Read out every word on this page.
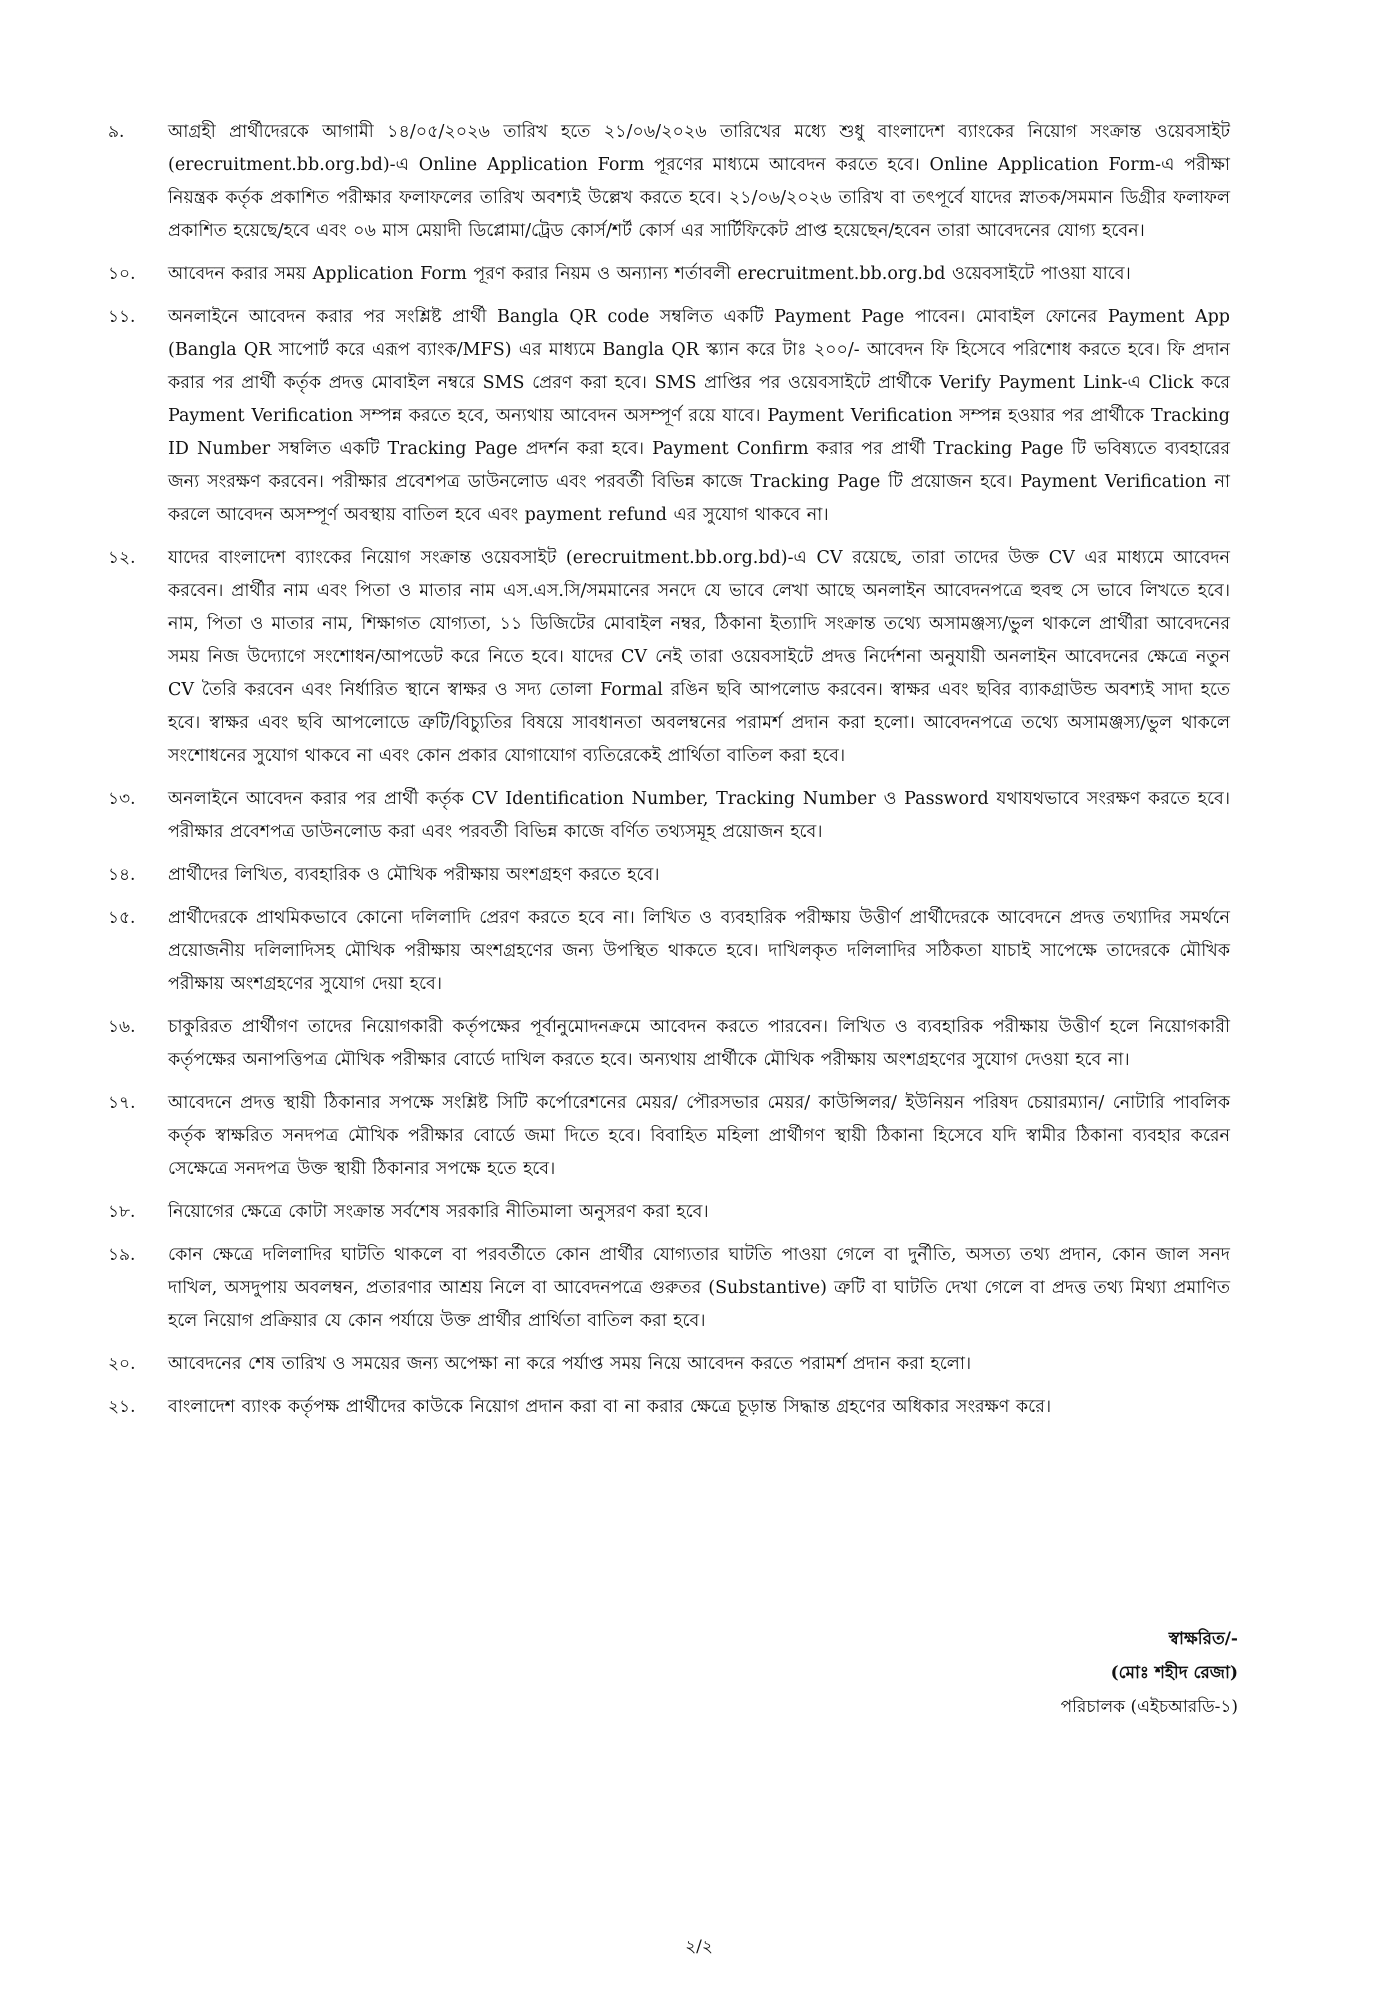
৯.	আগ্রহী প্রার্থীদেরকে আগামী ১৪/০৫/২০২৬ তারিখ হতে ২১/০৬/২০২৬ তারিখের মধ্যে শুধু বাংলাদেশ ব্যাংকের নিয়োগ সংক্রান্ত ওয়েবসাইট (erecruitment.bb.org.bd)-এ Online Application Form পূরণের মাধ্যমে আবেদন করতে হবে। Online Application Form-এ পরীক্ষা নিয়ন্ত্রক কর্তৃক প্রকাশিত পরীক্ষার ফলাফলের তারিখ অবশ্যই উল্লেখ করতে হবে। ২১/০৬/২০২৬ তারিখ বা তৎপূর্বে যাদের স্নাতক/সমমান ডিগ্রীর ফলাফল প্রকাশিত হয়েছে/হবে এবং ০৬ মাস মেয়াদী ডিপ্লোমা/ট্রেড কোর্স/শর্ট কোর্স এর সার্টিফিকেট প্রাপ্ত হয়েছেন/হবেন তারা আবেদনের যোগ্য হবেন।
১০.	আবেদন করার সময় Application Form পূরণ করার নিয়ম ও অন্যান্য শর্তাবলী erecruitment.bb.org.bd ওয়েবসাইটে পাওয়া যাবে।
১১.	অনলাইনে আবেদন করার পর সংশ্লিষ্ট প্রার্থী Bangla QR code সম্বলিত একটি Payment Page পাবেন। মোবাইল ফোনের Payment App (Bangla QR সাপোর্ট করে এরূপ ব্যাংক/MFS) এর মাধ্যমে Bangla QR স্ক্যান করে টাঃ ২০০/- আবেদন ফি হিসেবে পরিশোধ করতে হবে। ফি প্রদান করার পর প্রার্থী কর্তৃক প্রদত্ত মোবাইল নম্বরে SMS প্রেরণ করা হবে। SMS প্রাপ্তির পর ওয়েবসাইটে প্রার্থীকে Verify Payment Link-এ Click করে Payment Verification সম্পন্ন করতে হবে, অন্যথায় আবেদন অসম্পূর্ণ রয়ে যাবে। Payment Verification সম্পন্ন হওয়ার পর প্রার্থীকে Tracking ID Number সম্বলিত একটি Tracking Page প্রদর্শন করা হবে। Payment Confirm করার পর প্রার্থী Tracking Page টি ভবিষ্যতে ব্যবহারের জন্য সংরক্ষণ করবেন। পরীক্ষার প্রবেশপত্র ডাউনলোড এবং পরবর্তী বিভিন্ন কাজে Tracking Page টি প্রয়োজন হবে। Payment Verification না করলে আবেদন অসম্পূর্ণ অবস্থায় বাতিল হবে এবং payment refund এর সুযোগ থাকবে না।
১২.	যাদের বাংলাদেশ ব্যাংকের নিয়োগ সংক্রান্ত ওয়েবসাইট (erecruitment.bb.org.bd)-এ CV রয়েছে, তারা তাদের উক্ত CV এর মাধ্যমে আবেদন করবেন। প্রার্থীর নাম এবং পিতা ও মাতার নাম এস.এস.সি/সমমানের সনদে যে ভাবে লেখা আছে অনলাইন আবেদনপত্রে হুবহু সে ভাবে লিখতে হবে। নাম, পিতা ও মাতার নাম, শিক্ষাগত যোগ্যতা, ১১ ডিজিটের মোবাইল নম্বর, ঠিকানা ইত্যাদি সংক্রান্ত তথ্যে অসামঞ্জস্য/ভুল থাকলে প্রার্থীরা আবেদনের সময় নিজ উদ্যোগে সংশোধন/আপডেট করে নিতে হবে। যাদের CV নেই তারা ওয়েবসাইটে প্রদত্ত নির্দেশনা অনুযায়ী অনলাইন আবেদনের ক্ষেত্রে নতুন CV তৈরি করবেন এবং নির্ধারিত স্থানে স্বাক্ষর ও সদ্য তোলা Formal রঙিন ছবি আপলোড করবেন। স্বাক্ষর এবং ছবির ব্যাকগ্রাউন্ড অবশ্যই সাদা হতে হবে। স্বাক্ষর এবং ছবি আপলোডে ত্রুটি/বিচ্যুতির বিষয়ে সাবধানতা অবলম্বনের পরামর্শ প্রদান করা হলো। আবেদনপত্রে তথ্যে অসামঞ্জস্য/ভুল থাকলে সংশোধনের সুযোগ থাকবে না এবং কোন প্রকার যোগাযোগ ব্যতিরেকেই প্রার্থিতা বাতিল করা হবে।
১৩.	অনলাইনে আবেদন করার পর প্রার্থী কর্তৃক CV Identification Number, Tracking Number ও Password যথাযথভাবে সংরক্ষণ করতে হবে। পরীক্ষার প্রবেশপত্র ডাউনলোড করা এবং পরবর্তী বিভিন্ন কাজে বর্ণিত তথ্যসমূহ প্রয়োজন হবে।
১৪.	প্রার্থীদের লিখিত, ব্যবহারিক ও মৌখিক পরীক্ষায় অংশগ্রহণ করতে হবে।
১৫.	প্রার্থীদেরকে প্রাথমিকভাবে কোনো দলিলাদি প্রেরণ করতে হবে না। লিখিত ও ব্যবহারিক পরীক্ষায় উত্তীর্ণ প্রার্থীদেরকে আবেদনে প্রদত্ত তথ্যাদির সমর্থনে প্রয়োজনীয় দলিলাদিসহ মৌখিক পরীক্ষায় অংশগ্রহণের জন্য উপস্থিত থাকতে হবে। দাখিলকৃত দলিলাদির সঠিকতা যাচাই সাপেক্ষে তাদেরকে মৌখিক পরীক্ষায় অংশগ্রহণের সুযোগ দেয়া হবে।
১৬.	চাকুরিরত প্রার্থীগণ তাদের নিয়োগকারী কর্তৃপক্ষের পূর্বানুমোদনক্রমে আবেদন করতে পারবেন। লিখিত ও ব্যবহারিক পরীক্ষায় উত্তীর্ণ হলে নিয়োগকারী কর্তৃপক্ষের অনাপত্তিপত্র মৌখিক পরীক্ষার বোর্ডে দাখিল করতে হবে। অন্যথায় প্রার্থীকে মৌখিক পরীক্ষায় অংশগ্রহণের সুযোগ দেওয়া হবে না।
১৭.	আবেদনে প্রদত্ত স্থায়ী ঠিকানার সপক্ষে সংশ্লিষ্ট সিটি কর্পোরেশনের মেয়র/ পৌরসভার মেয়র/ কাউন্সিলর/ ইউনিয়ন পরিষদ চেয়ারম্যান/ নোটারি পাবলিক কর্তৃক স্বাক্ষরিত সনদপত্র মৌখিক পরীক্ষার বোর্ডে জমা দিতে হবে। বিবাহিত মহিলা প্রার্থীগণ স্থায়ী ঠিকানা হিসেবে যদি স্বামীর ঠিকানা ব্যবহার করেন সেক্ষেত্রে সনদপত্র উক্ত স্থায়ী ঠিকানার সপক্ষে হতে হবে।
১৮.	নিয়োগের ক্ষেত্রে কোটা সংক্রান্ত সর্বশেষ সরকারি নীতিমালা অনুসরণ করা হবে।
১৯.	কোন ক্ষেত্রে দলিলাদির ঘাটতি থাকলে বা পরবর্তীতে কোন প্রার্থীর যোগ্যতার ঘাটতি পাওয়া গেলে বা দুর্নীতি, অসত্য তথ্য প্রদান, কোন জাল সনদ দাখিল, অসদুপায় অবলম্বন, প্রতারণার আশ্রয় নিলে বা আবেদনপত্রে গুরুতর (Substantive) ত্রুটি বা ঘাটতি দেখা গেলে বা প্রদত্ত তথ্য মিথ্যা প্রমাণিত হলে নিয়োগ প্রক্রিয়ার যে কোন পর্যায়ে উক্ত প্রার্থীর প্রার্থিতা বাতিল করা হবে।
২০.	আবেদনের শেষ তারিখ ও সময়ের জন্য অপেক্ষা না করে পর্যাপ্ত সময় নিয়ে আবেদন করতে পরামর্শ প্রদান করা হলো।
২১.	বাংলাদেশ ব্যাংক কর্তৃপক্ষ প্রার্থীদের কাউকে নিয়োগ প্রদান করা বা না করার ক্ষেত্রে চূড়ান্ত সিদ্ধান্ত গ্রহণের অধিকার সংরক্ষণ করে।
স্বাক্ষরিত/-
(মোঃ শহীদ রেজা)
পরিচালক (এইচআরডি-১)
২/২
